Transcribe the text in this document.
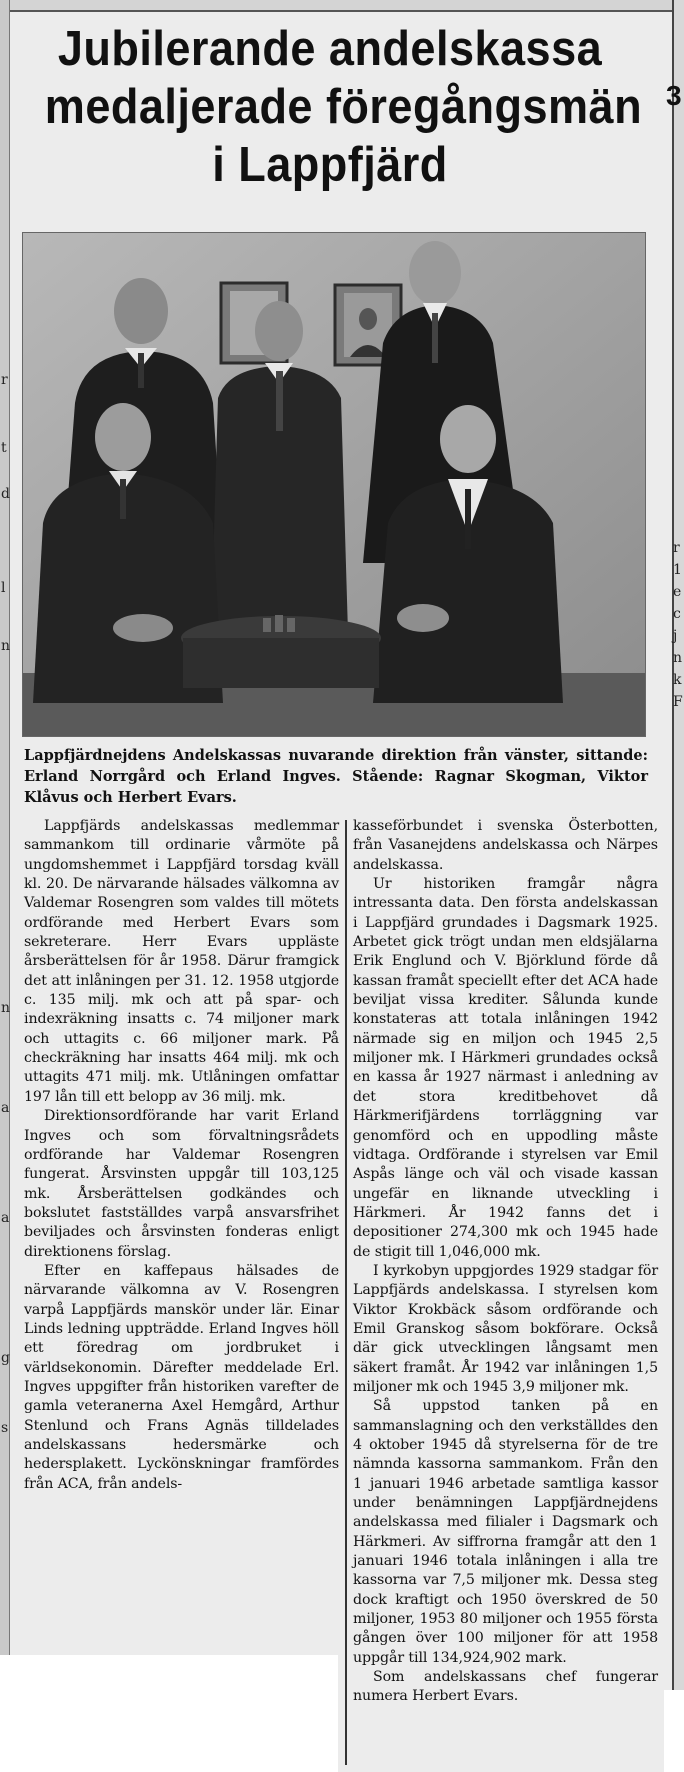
3
r
t
d
l
n
n
a
a
g
s
r
1
e
c
j
n
k
F
Jubilerande andelskassa
medaljerade föregångsmän
i Lappfjärd
Lappfjärdnejdens Andelskassas nuvarande direktion från vänster, sittande: Erland Norrgård och Erland Ingves. Stående: Ragnar Skogman, Viktor Klåvus och Herbert Evars.

Lappfjärds andelskassas medlemmar sammankom till ordinarie vårmöte på ungdomshemmet i Lappfjärd torsdag kväll kl. 20. De närvarande hälsades välkomna av Valdemar Rosengren som valdes till mötets ordförande med Herbert Evars som sekreterare. Herr Evars uppläste årsberättelsen för år 1958. Därur framgick det att inlåningen per 31. 12. 1958 utgjorde c. 135 milj. mk och att på spar- och indexräkning insatts c. 74 miljoner mark och uttagits c. 66 miljoner mark. På checkräkning har insatts 464 milj. mk och uttagits 471 milj. mk. Utlåningen omfattar 197 lån till ett belopp av 36 milj. mk.

Direktionsordförande har varit Erland Ingves och som förvaltningsrådets ordförande har Valdemar Rosengren fungerat. Årsvinsten uppgår till 103,125 mk. Årsberättelsen godkändes och bokslutet fastställdes varpå ansvarsfrihet beviljades och årsvinsten fonderas enligt direktionens förslag.

Efter en kaffepaus hälsades de närvarande välkomna av V. Rosengren varpå Lappfjärds manskör under lär. Einar Linds ledning uppträdde. Erland Ingves höll ett föredrag om jordbruket i världsekonomin. Därefter meddelade Erl. Ingves uppgifter från historiken varefter de gamla veteranerna Axel Hemgård, Arthur Stenlund och Frans Agnäs tilldelades andelskassans hedersmärke och hedersplakett. Lyckönskningar framfördes från ACA, från andels-

kasseförbundet i svenska Österbotten, från Vasanejdens andelskassa och Närpes andelskassa.

Ur historiken framgår några intressanta data. Den första andelskassan i Lappfjärd grundades i Dagsmark 1925. Arbetet gick trögt undan men eldsjälarna Erik Englund och V. Björklund förde då kassan framåt speciellt efter det ACA hade beviljat vissa krediter. Sålunda kunde konstateras att totala inlåningen 1942 närmade sig en miljon och 1945 2,5 miljoner mk. I Härkmeri grundades också en kassa år 1927 närmast i anledning av det stora kreditbehovet då Härkmerifjärdens torrläggning var genomförd och en uppodling måste vidtaga. Ordförande i styrelsen var Emil Aspås länge och väl och visade kassan ungefär en liknande utveckling i Härkmeri. År 1942 fanns det i depositioner 274,300 mk och 1945 hade de stigit till 1,046,000 mk.

I kyrkobyn uppgjordes 1929 stadgar för Lappfjärds andelskassa. I styrelsen kom Viktor Krokbäck såsom ordförande och Emil Granskog såsom bokförare. Också där gick utvecklingen långsamt men säkert framåt. År 1942 var inlåningen 1,5 miljoner mk och 1945 3,9 miljoner mk.

Så uppstod tanken på en sammanslagning och den verkställdes den 4 oktober 1945 då styrelserna för de tre nämnda kassorna sammankom. Från den 1 januari 1946 arbetade samtliga kassor under benämningen Lappfjärdnejdens andelskassa med filialer i Dagsmark och Härkmeri. Av siffrorna framgår att den 1 januari 1946 totala inlåningen i alla tre kassorna var 7,5 miljoner mk. Dessa steg dock kraftigt och 1950 överskred de 50 miljoner, 1953 80 miljoner och 1955 första gången över 100 miljoner för att 1958 uppgår till 134,924,902 mark.

Som andelskassans chef fungerar numera Herbert Evars.
